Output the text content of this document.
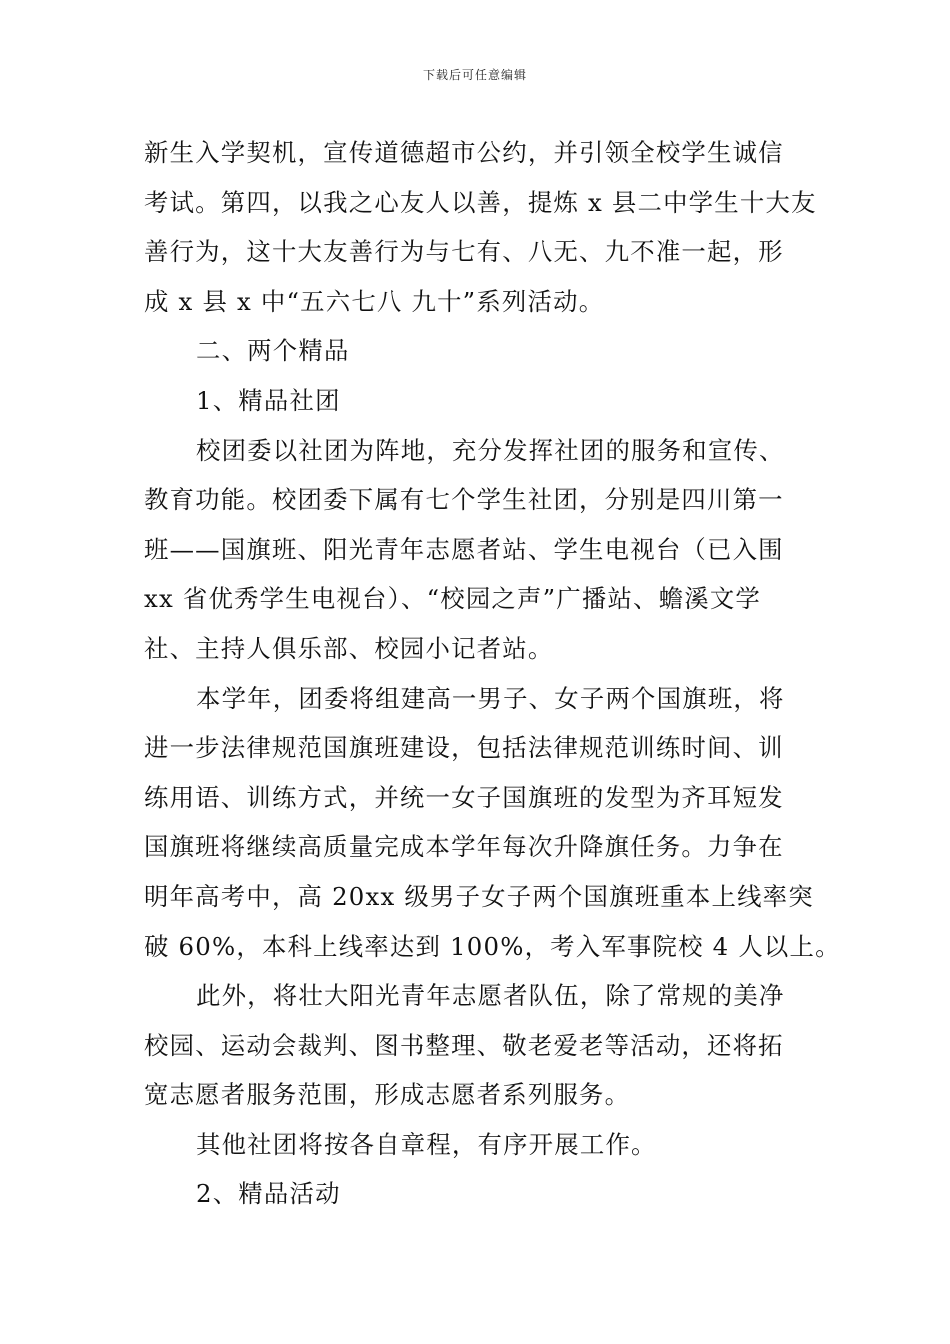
下载后可任意编辑
新生入学契机，宣传道德超市公约，并引领全校学生诚信
考试。第四，以我之心友人以善，提炼 x 县二中学生十大友
善行为，这十大友善行为与七有、八无、九不准一起，形
成 x 县 x 中“五六七八 九十”系列活动。
二、两个精品
1、精品社团
校团委以社团为阵地，充分发挥社团的服务和宣传、
教育功能。校团委下属有七个学生社团，分别是四川第一
班——国旗班、阳光青年志愿者站、学生电视台（已入围
xx 省优秀学生电视台）、“校园之声”广播站、蟾溪文学
社、主持人俱乐部、校园小记者站。
本学年，团委将组建高一男子、女子两个国旗班，将
进一步法律规范国旗班建设，包括法律规范训练时间、训
练用语、训练方式，并统一女子国旗班的发型为齐耳短发
国旗班将继续高质量完成本学年每次升降旗任务。力争在
明年高考中，高 20xx 级男子女子两个国旗班重本上线率突
破 60%，本科上线率达到 100%，考入军事院校 4 人以上。
此外，将壮大阳光青年志愿者队伍，除了常规的美净
校园、运动会裁判、图书整理、敬老爱老等活动，还将拓
宽志愿者服务范围，形成志愿者系列服务。
其他社团将按各自章程，有序开展工作。
2、精品活动
